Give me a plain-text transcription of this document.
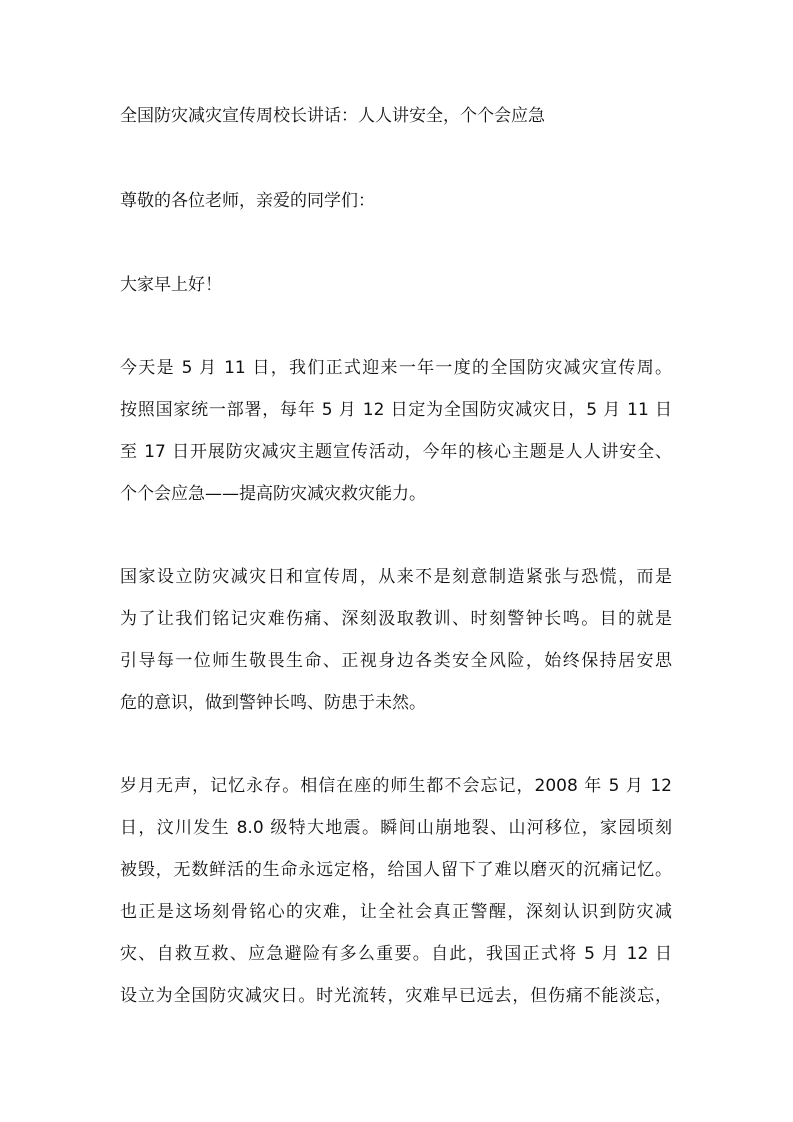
全国防灾减灾宣传周校长讲话：人人讲安全，个个会应急
尊敬的各位老师，亲爱的同学们：
大家早上好！
今天是 5 月 11 日，我们正式迎来一年一度的全国防灾减灾宣传周。
按照国家统一部署，每年 5 月 12 日定为全国防灾减灾日，5 月 11 日
至 17 日开展防灾减灾主题宣传活动，今年的核心主题是人人讲安全、
个个会应急——提高防灾减灾救灾能力。
国家设立防灾减灾日和宣传周，从来不是刻意制造紧张与恐慌，而是
为了让我们铭记灾难伤痛、深刻汲取教训、时刻警钟长鸣。目的就是
引导每一位师生敬畏生命、正视身边各类安全风险，始终保持居安思
危的意识，做到警钟长鸣、防患于未然。
岁月无声，记忆永存。相信在座的师生都不会忘记，2008 年 5 月 12
日，汶川发生 8.0 级特大地震。瞬间山崩地裂、山河移位，家园顷刻
被毁，无数鲜活的生命永远定格，给国人留下了难以磨灭的沉痛记忆。
也正是这场刻骨铭心的灾难，让全社会真正警醒，深刻认识到防灾减
灾、自救互救、应急避险有多么重要。自此，我国正式将 5 月 12 日
设立为全国防灾减灾日。时光流转，灾难早已远去，但伤痛不能淡忘，
